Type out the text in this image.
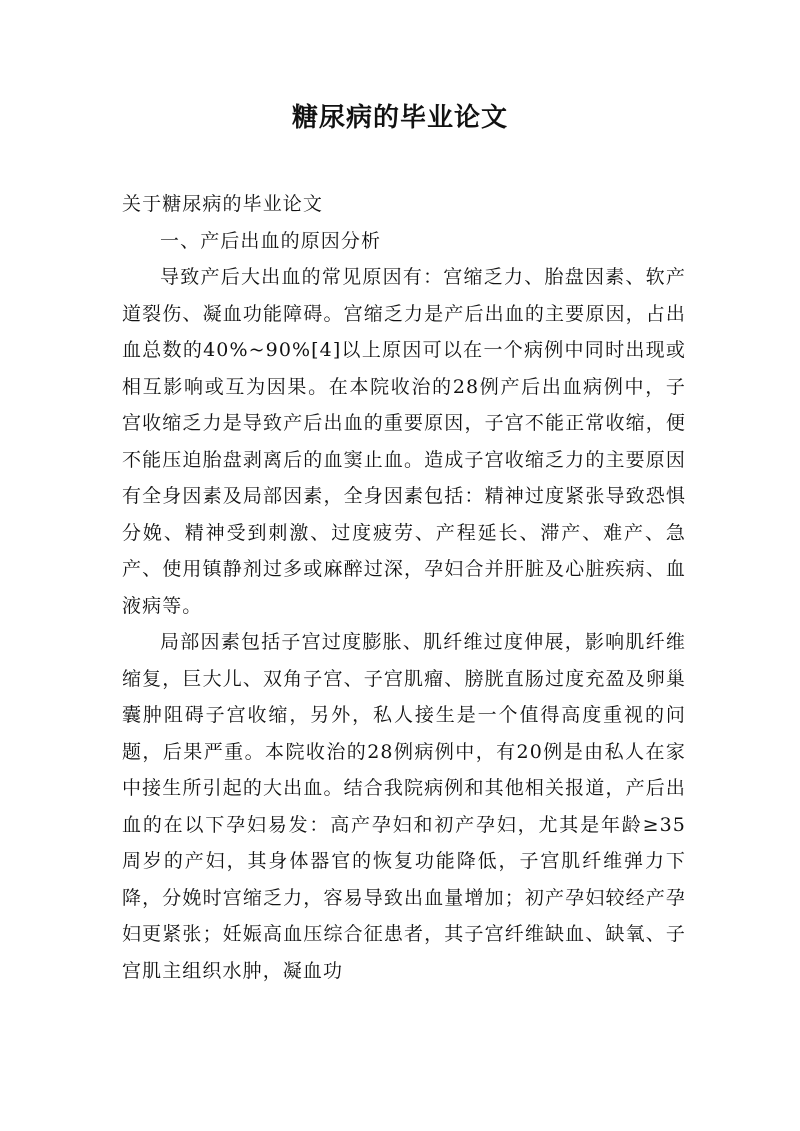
糖尿病的毕业论文

关于糖尿病的毕业论文

一、产后出血的原因分析

导致产后大出血的常见原因有：宫缩乏力、胎盘因素、软产道裂伤、凝血功能障碍。宫缩乏力是产后出血的主要原因，占出血总数的40%~90%[4]以上原因可以在一个病例中同时出现或相互影响或互为因果。在本院收治的28例产后出血病例中，子宫收缩乏力是导致产后出血的重要原因，子宫不能正常收缩，便不能压迫胎盘剥离后的血窦止血。造成子宫收缩乏力的主要原因有全身因素及局部因素，全身因素包括：精神过度紧张导致恐惧分娩、精神受到刺激、过度疲劳、产程延长、滞产、难产、急产、使用镇静剂过多或麻醉过深，孕妇合并肝脏及心脏疾病、血液病等。

局部因素包括子宫过度膨胀、肌纤维过度伸展，影响肌纤维缩复，巨大儿、双角子宫、子宫肌瘤、膀胱直肠过度充盈及卵巢囊肿阻碍子宫收缩，另外，私人接生是一个值得高度重视的问题，后果严重。本院收治的28例病例中，有20例是由私人在家中接生所引起的大出血。结合我院病例和其他相关报道，产后出血的在以下孕妇易发：高产孕妇和初产孕妇，尤其是年龄≥35周岁的产妇，其身体器官的恢复功能降低，子宫肌纤维弹力下降，分娩时宫缩乏力，容易导致出血量增加；初产孕妇较经产孕妇更紧张；妊娠高血压综合征患者，其子宫纤维缺血、缺氧、子宫肌主组织水肿，凝血功
